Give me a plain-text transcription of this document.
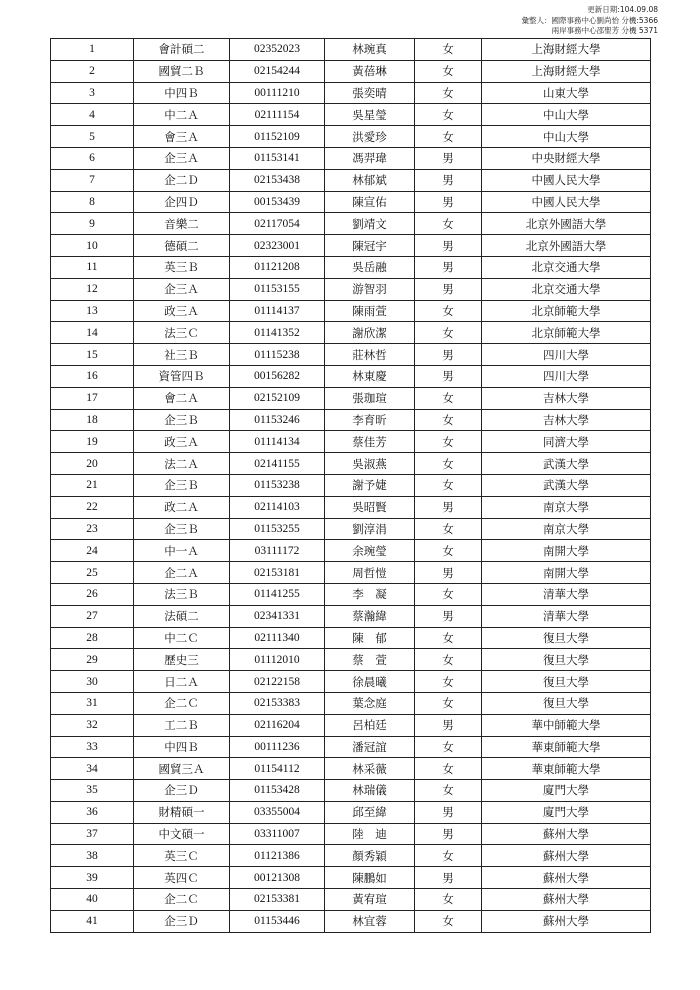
更新日期:104.09.08
彙整人：國際事務中心劉尚怡 分機:5366
兩岸事務中心邵聖芳 分機 5371
1	會計碩二	02352023	林琬真	女	上海財經大學
2	國貿二Ｂ	02154244	黃蓓琳	女	上海財經大學
3	中四Ｂ	00111210	張奕晴	女	山東大學
4	中二Ａ	02111154	吳星瑩	女	中山大學
5	會三Ａ	01152109	洪愛珍	女	中山大學
6	企三Ａ	01153141	馮羿瑋	男	中央財經大學
7	企二Ｄ	02153438	林郁斌	男	中國人民大學
8	企四Ｄ	00153439	陳宣佑	男	中國人民大學
9	音樂二	02117054	劉靖文	女	北京外國語大學
10	德碩二	02323001	陳冠宇	男	北京外國語大學
11	英三Ｂ	01121208	吳岳融	男	北京交通大學
12	企三Ａ	01153155	游智羽	男	北京交通大學
13	政三Ａ	01114137	陳雨萱	女	北京師範大學
14	法三Ｃ	01141352	謝欣潔	女	北京師範大學
15	社三Ｂ	01115238	莊林哲	男	四川大學
16	資管四Ｂ	00156282	林東慶	男	四川大學
17	會二Ａ	02152109	張珈瑄	女	吉林大學
18	企三Ｂ	01153246	李育昕	女	吉林大學
19	政三Ａ	01114134	蔡佳芳	女	同濟大學
20	法二Ａ	02141155	吳淑燕	女	武漢大學
21	企三Ｂ	01153238	謝予婕	女	武漢大學
22	政二Ａ	02114103	吳昭賢	男	南京大學
23	企三Ｂ	01153255	劉淳涓	女	南京大學
24	中一Ａ	03111172	余琬瑩	女	南開大學
25	企二Ａ	02153181	周哲愷	男	南開大學
26	法三Ｂ	01141255	李　凝	女	清華大學
27	法碩二	02341331	蔡瀚緯	男	清華大學
28	中二Ｃ	02111340	陳　郁	女	復旦大學
29	歷史三	01112010	蔡　萱	女	復旦大學
30	日二Ａ	02122158	徐晨曦	女	復旦大學
31	企二Ｃ	02153383	葉念庭	女	復旦大學
32	工二Ｂ	02116204	呂柏廷	男	華中師範大學
33	中四Ｂ	00111236	潘冠誼	女	華東師範大學
34	國貿三Ａ	01154112	林采薇	女	華東師範大學
35	企三Ｄ	01153428	林瑞儀	女	廈門大學
36	財精碩一	03355004	邱至緯	男	廈門大學
37	中文碩一	03311007	陸　迪	男	蘇州大學
38	英三Ｃ	01121386	顏秀穎	女	蘇州大學
39	英四Ｃ	00121308	陳鵬如	男	蘇州大學
40	企二Ｃ	02153381	黃宥瑄	女	蘇州大學
41	企三Ｄ	01153446	林宜蓉	女	蘇州大學
